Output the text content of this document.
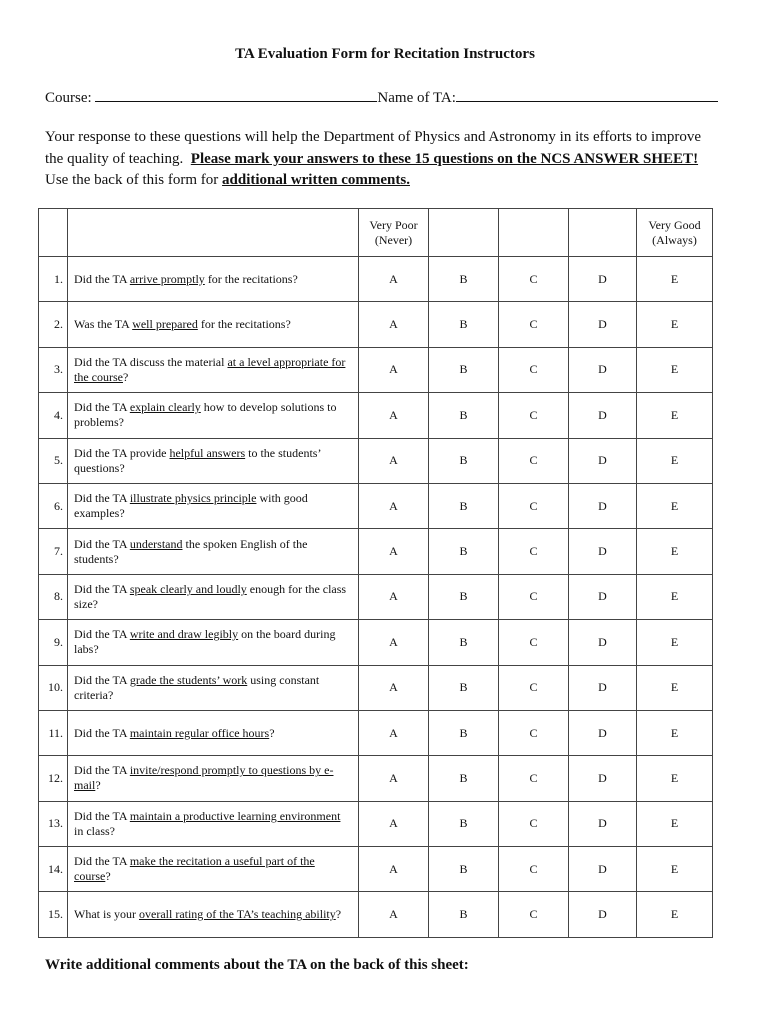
TA Evaluation Form for Recitation Instructors
Course:	Name of TA:
Your response to these questions will help the Department of Physics and Astronomy in its efforts to improve
the quality of teaching. Please mark your answers to these 15 questions on the NCS ANSWER SHEET!
Use the back of this form for additional written comments.
		Very Poor
(Never)				Very Good
(Always)
1.	Did the TA arrive promptly for the recitations?	A	B	C	D	E
2.	Was the TA well prepared for the recitations?	A	B	C	D	E
3.	Did the TA discuss the material at a level appropriate for the course?	A	B	C	D	E
4.	Did the TA explain clearly how to develop solutions to problems?	A	B	C	D	E
5.	Did the TA provide helpful answers to the students’ questions?	A	B	C	D	E
6.	Did the TA illustrate physics principle with good examples?	A	B	C	D	E
7.	Did the TA understand the spoken English of the students?	A	B	C	D	E
8.	Did the TA speak clearly and loudly enough for the class size?	A	B	C	D	E
9.	Did the TA write and draw legibly on the board during labs?	A	B	C	D	E
10.	Did the TA grade the students’ work using constant criteria?	A	B	C	D	E
11.	Did the TA maintain regular office hours?	A	B	C	D	E
12.	Did the TA invite/respond promptly to questions by e-mail?	A	B	C	D	E
13.	Did the TA maintain a productive learning environment in class?	A	B	C	D	E
14.	Did the TA make the recitation a useful part of the course?	A	B	C	D	E
15.	What is your overall rating of the TA’s teaching ability?	A	B	C	D	E
Write additional comments about the TA on the back of this sheet:
